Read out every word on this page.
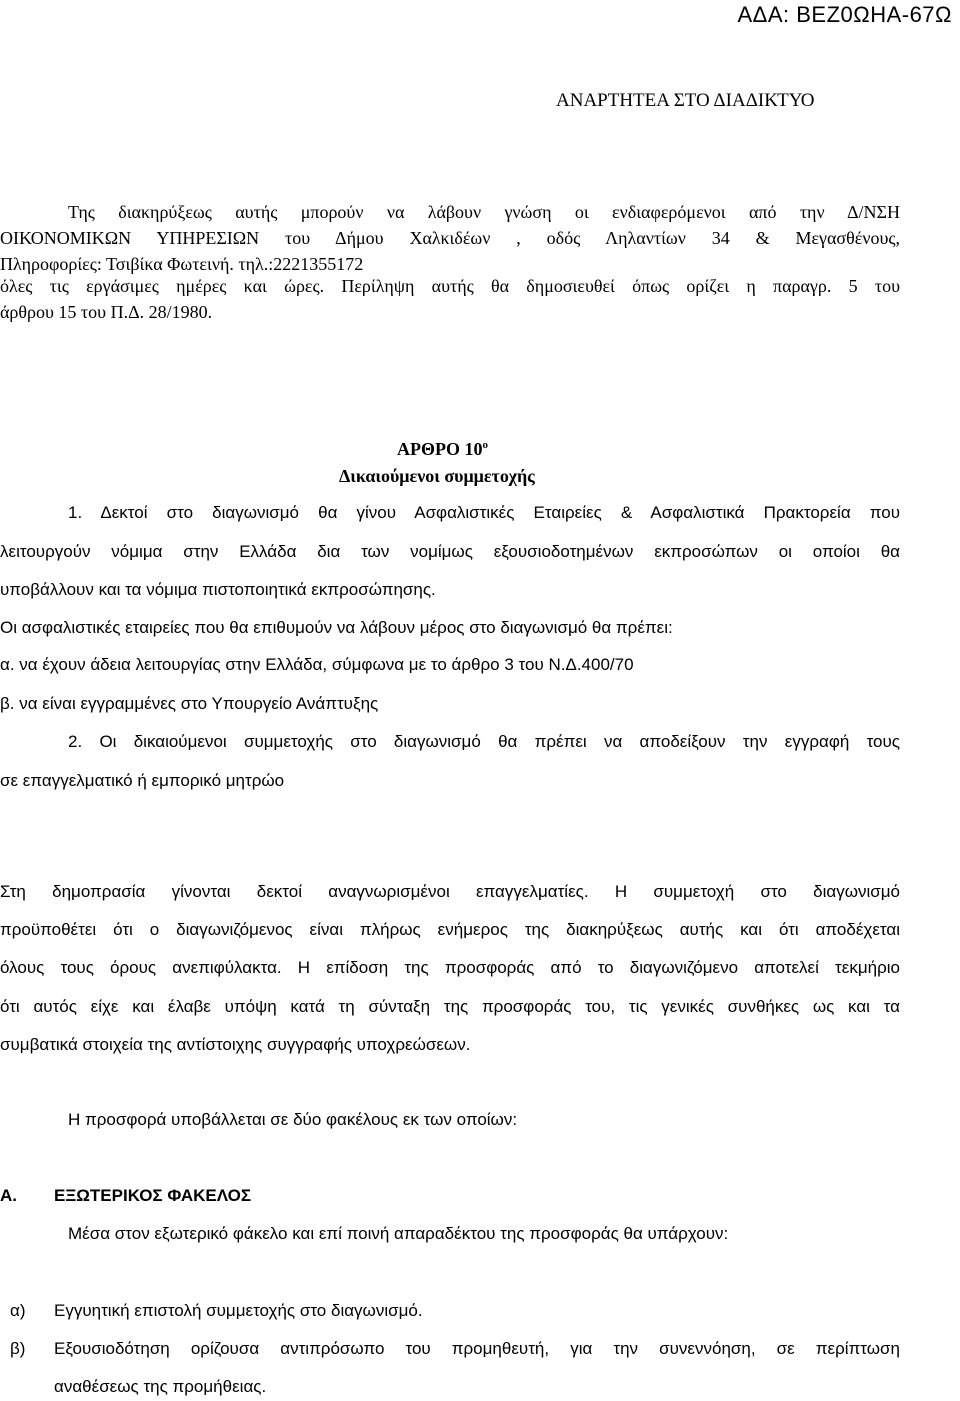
ΑΔΑ: ΒΕΖ0ΩΗΑ-67Ω
ΑΝΑΡΤΗΤΕΑ ΣΤΟ ΔΙΑΔΙΚΤΥΟ
Της διακηρύξεως αυτής μπορούν να λάβουν γνώση οι ενδιαφερόμενοι από την Δ/ΝΣΗ
ΟΙΚΟΝΟΜΙΚΩΝ ΥΠΗΡΕΣΙΩΝ του Δήμου Χαλκιδέων , οδός Ληλαντίων 34 & Μεγασθένους,
Πληροφορίες: Τσιβίκα Φωτεινή. τηλ.:2221355172
όλες τις εργάσιμες ημέρες και ώρες. Περίληψη αυτής θα δημοσιευθεί όπως ορίζει η παραγρ. 5 του
άρθρου 15 του Π.Δ. 28/1980.
ΑΡΘΡΟ $10^o$
Δικαιούμενοι συμμετοχής
1. Δεκτοί στο διαγωνισμό θα γίνου Ασφαλιστικές Εταιρείες & Ασφαλιστικά Πρακτορεία που
λειτουργούν νόμιμα στην Ελλάδα δια των νομίμως εξουσιοδοτημένων εκπροσώπων οι οποίοι θα
υποβάλλουν και τα νόμιμα πιστοποιητικά εκπροσώπησης.
Οι ασφαλιστικές εταιρείες που θα επιθυμούν να λάβουν μέρος στο διαγωνισμό θα πρέπει:
α. να έχουν άδεια λειτουργίας στην Ελλάδα, σύμφωνα με το άρθρο 3 του Ν.Δ.400/70
β. να είναι εγγραμμένες στο Υπουργείο Ανάπτυξης
2. Οι δικαιούμενοι συμμετοχής στο διαγωνισμό θα πρέπει να αποδείξουν την εγγραφή τους
σε επαγγελματικό ή εμπορικό μητρώο
Στη δημοπρασία γίνονται δεκτοί αναγνωρισμένοι επαγγελματίες. Η συμμετοχή στο διαγωνισμό
προϋποθέτει ότι ο διαγωνιζόμενος είναι πλήρως ενήμερος της διακηρύξεως αυτής και ότι αποδέχεται
όλους τους όρους ανεπιφύλακτα. Η επίδοση της προσφοράς από το διαγωνιζόμενο αποτελεί τεκμήριο
ότι αυτός είχε και έλαβε υπόψη κατά τη σύνταξη της προσφοράς του, τις γενικές συνθήκες ως και τα
συμβατικά στοιχεία της αντίστοιχης συγγραφής υποχρεώσεων.
Η προσφορά υποβάλλεται σε δύο φακέλους εκ των οποίων:
Α. ΕΞΩΤΕΡΙΚΟΣ ΦΑΚΕΛΟΣ
Μέσα στον εξωτερικό φάκελο και επί ποινή απαραδέκτου της προσφοράς θα υπάρχουν:
α) Εγγυητική επιστολή συμμετοχής στο διαγωνισμό.
β) Εξουσιοδότηση ορίζουσα αντιπρόσωπο του προμηθευτή, για την συνεννόηση, σε περίπτωση
αναθέσεως της προμήθειας.
